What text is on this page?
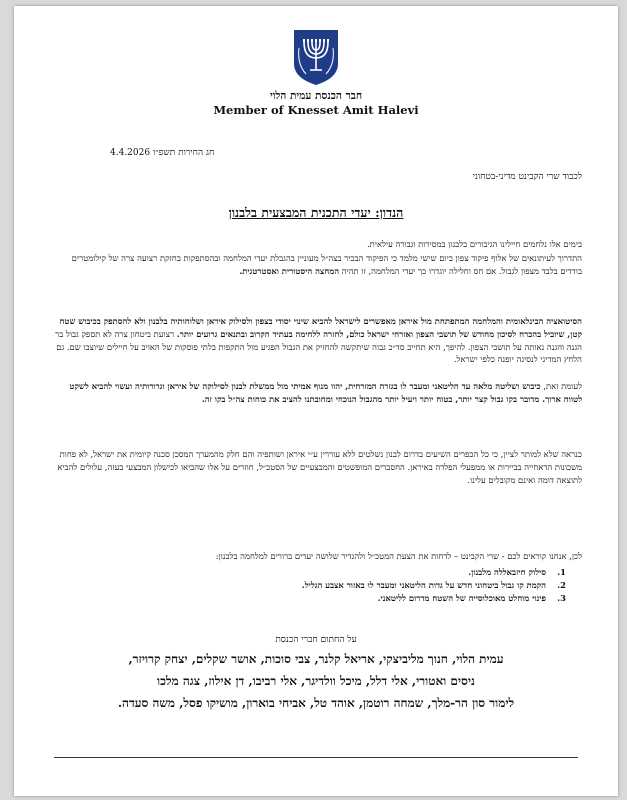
חבר הכנסת עמית הלוי
Member of Knesset Amit Halevi
חג החירות תשפ״ו 4.4.2026
לכבוד שרי הקבינט מדיני-בטחוני
הנדון: יעדי התכנית המבצעית בלבנון

בימים אלו נלחמים חיילינו הגיבורים בלבנון במסירות וגבורה עילאית.

התדרוך לעיתונאים של אלוף פיקוד צפון ביום שישי מלמד כי הפיקוד הבכיר בצה״ל מעוניין בהגבלת יעדי המלחמה ובהסתפקות בחזקת רצועה צרה של קילומטרים בודדים בלבד מצפון לגבול. אם חס וחלילה יוגדרו כך יעדי המלחמה, זו תהיה המחצה היסטורית ואסטרטגית.

הסיטואציה הבינלאומית והמלחמה המתפתחת מול איראן מאפשרים לישראל להביא שינוי יסודי בצפון ולסילוק איראן ושלוחותיה בלבנון ולא להסתפק בכיבוש שטח קטן, שיוביל בהכרח לסיכון מחודש של תושבי הצפון ואזרחי ישראל כולם, לחזרה ללחימה בעתיד הקרוב ובתנאים גרועים יותר. רצועת ביטחון צרה לא תספק גבול בר הגנה והגנה נאותה על תושבי הצפון. להיפך, היא תחייב סד״כ גבוה שיתקשה להחזיק את הגבול הפגיע מול התקפות בלתי פוסקות של האויב על חיילים שיוצבו שם. גם הלחץ המדיני לנסיגה יופנה כלפי ישראל.

לעומת זאת, כיבוש ושליטה מלאה עד הליטאני ומעבר לו בגזרה המזרחית, יהוו מנוף אמיתי מול ממשלת לבנון לסילוקה של איראן וגרורותיה ועשוי להביא לשקט לטווח ארוך. מדובר בקו גבול קצר יותר, בטוח יותר ויעיל יותר מהגבול הנוכחי ומחובתנו להציב את כוחות צה״ל בקו זה.

כנראה שלא למותר לציין, כי כל הכפרים השיעים בדרום לבנון נשלטים ללא עוררין ע״י איראן ושותפיה והם חלק מהמערך המסכן סכנה קיומית את ישראל, לא פחות משכונות הדאחייה בביירות או ממפעלי הפלדה באיראן. החסברים המופשטים והמבצעיים של הסטכ״ל, חוזרים על אלו שהביאו לכישלון המבצעי בעזה, עלולים להביא לתוצאה דומה ואינם מקובלים עלינו.

לכן, אנחנו קוראים לכם - שרי הקבינט – לדחות את הצעת המטכ״ל ולהגדיר שלושה יעדים ברורים למלחמה בלבנון:

1.
סילוק חיזבאללה מלבנון.
2.
הקמת קו גבול ביטחוני חדש על גדות הליטאני ומעבר לו באזור אצבע הגליל.
3.
פינוי מוחלט מאוכלוסייה של השטח מדרום לליטאני.
על החתום חברי הכנסת
עמית הלוי, חנוך מליביצקי, אריאל קלנר, צבי סוכות, אושר שקלים, יצחק קרויזר,
ניסים ואטורי, אלי דלל, מיכל וולדיגר, אלי רביבו, דן אילוז, צגה מלכו
לימור סון הר-מלך, שמחה רוטמן, אוהד טל, אביחי בוארון, מושיקו פסל, משה סעדה.
